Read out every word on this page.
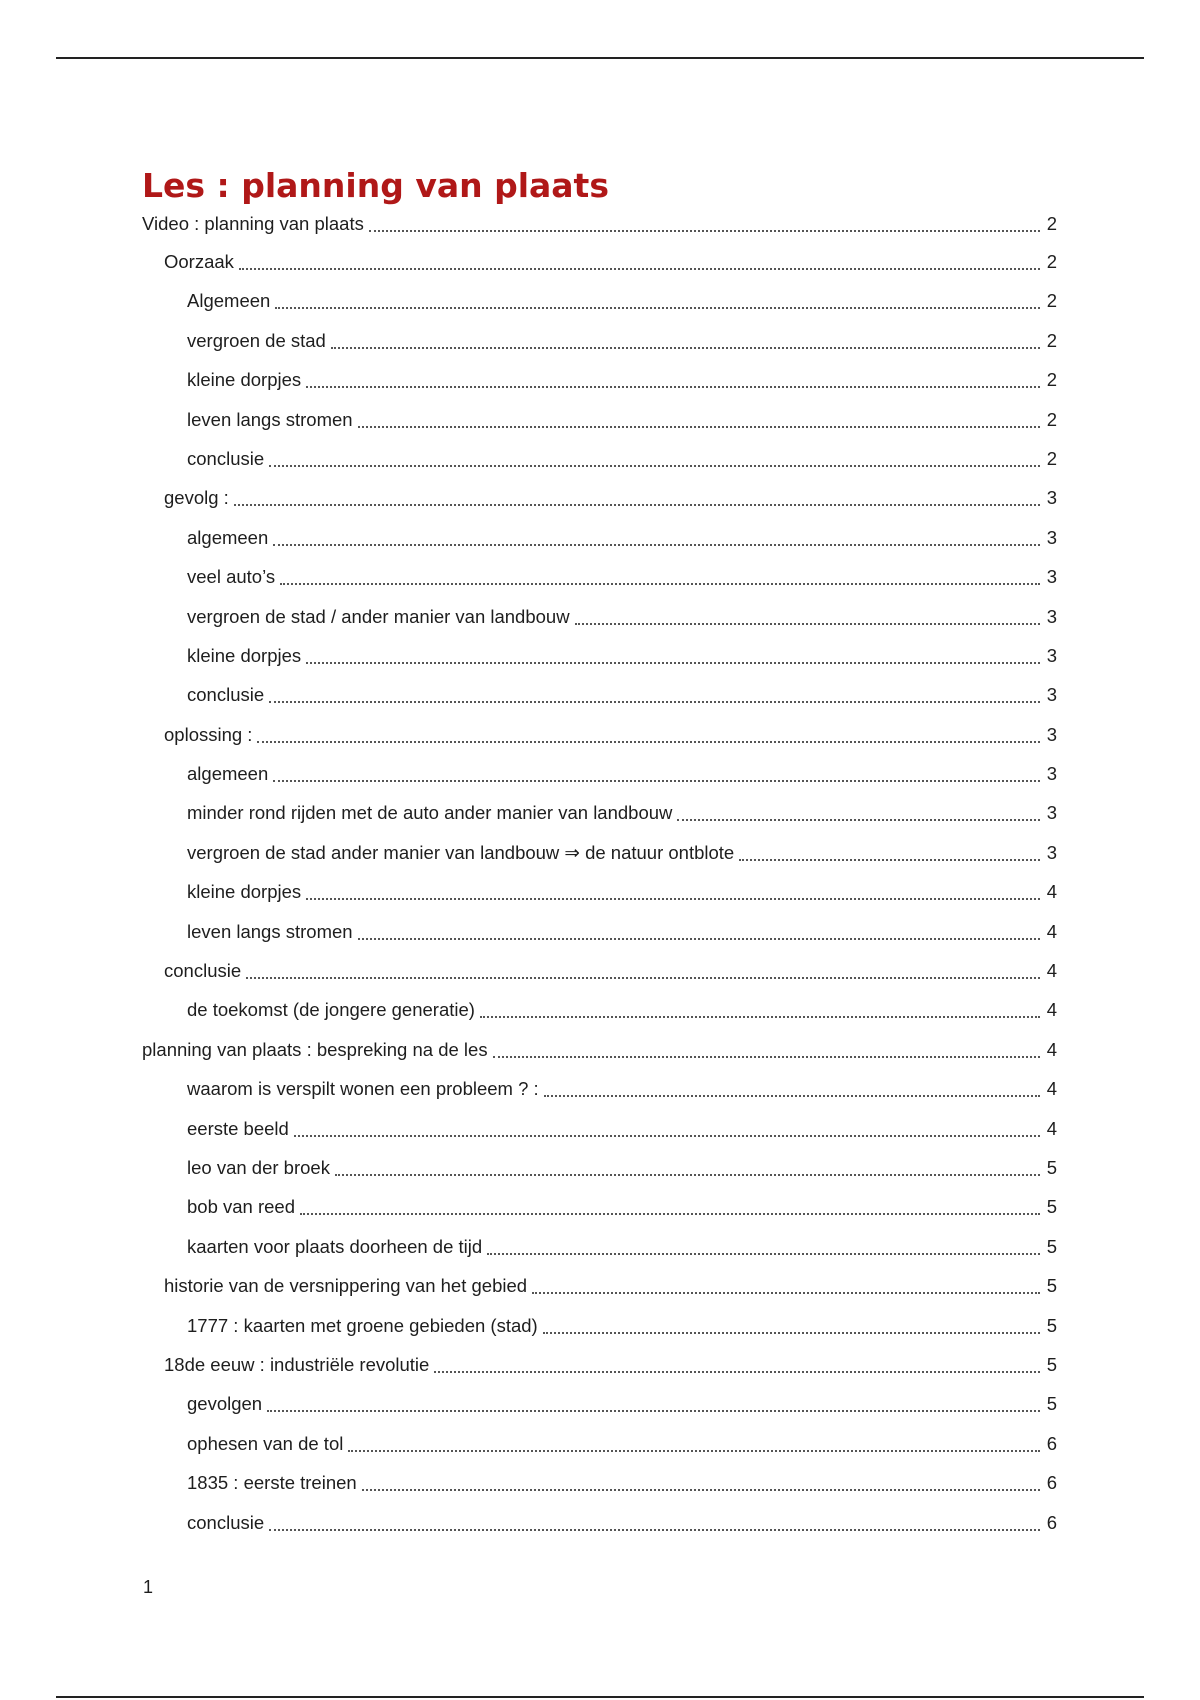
Les : planning van plaats
Video : planning van plaats	2
Oorzaak	2
Algemeen	2
vergroen de stad	2
kleine dorpjes	2
leven langs stromen	2
conclusie	2
gevolg :	3
algemeen	3
veel auto’s	3
vergroen de stad / ander manier van landbouw	3
kleine dorpjes	3
conclusie	3
oplossing :	3
algemeen	3
minder rond rijden met de auto ander manier van landbouw	3
vergroen de stad ander manier van landbouw ⇒ de natuur ontblote	3
kleine dorpjes	4
leven langs stromen	4
conclusie	4
de toekomst (de jongere generatie)	4
planning van plaats : bespreking na de les	4
waarom is verspilt wonen een probleem ? :	4
eerste beeld	4
leo van der broek	5
bob van reed	5
kaarten voor plaats doorheen de tijd	5
historie van de versnippering van het gebied	5
1777 : kaarten met groene gebieden (stad)	5
18de eeuw : industriële revolutie	5
gevolgen	5
ophesen van de tol	6
1835 : eerste treinen	6
conclusie	6
1
